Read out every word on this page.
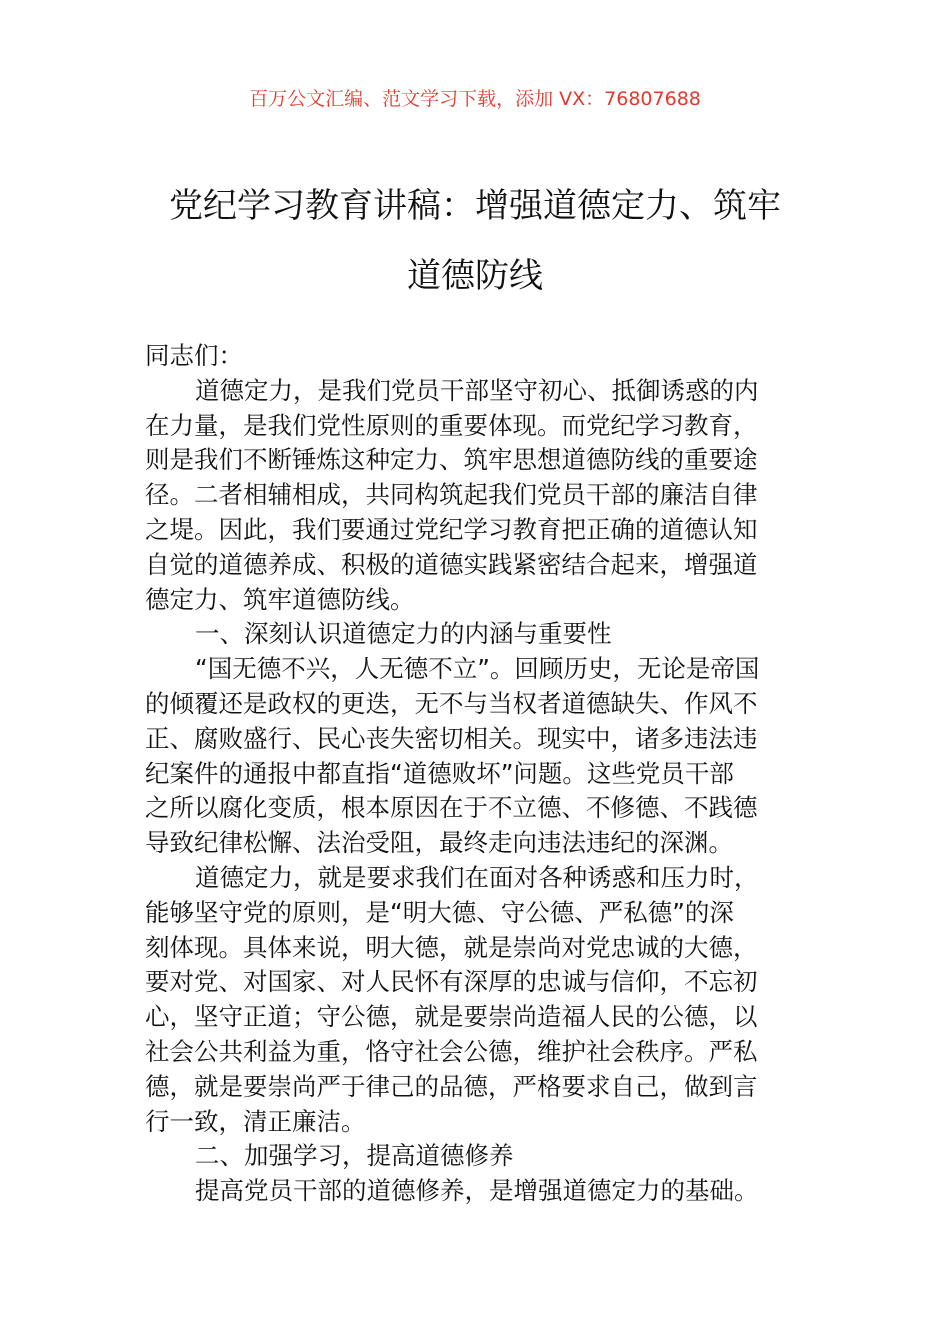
百万公文汇编、范文学习下载，添加 VX：76807688
党纪学习教育讲稿：增强道德定力、筑牢
道德防线
同志们：
道德定力，是我们党员干部坚守初心、抵御诱惑的内
在力量，是我们党性原则的重要体现。而党纪学习教育，
则是我们不断锤炼这种定力、筑牢思想道德防线的重要途
径。二者相辅相成，共同构筑起我们党员干部的廉洁自律
之堤。因此，我们要通过党纪学习教育把正确的道德认知
自觉的道德养成、积极的道德实践紧密结合起来，增强道
德定力、筑牢道德防线。
一、深刻认识道德定力的内涵与重要性
“国无德不兴，人无德不立”。回顾历史，无论是帝国
的倾覆还是政权的更迭，无不与当权者道德缺失、作风不
正、腐败盛行、民心丧失密切相关。现实中，诸多违法违
纪案件的通报中都直指“道德败坏”问题。这些党员干部
之所以腐化变质，根本原因在于不立德、不修德、不践德
导致纪律松懈、法治受阻，最终走向违法违纪的深渊。
道德定力，就是要求我们在面对各种诱惑和压力时，
能够坚守党的原则，是“明大德、守公德、严私德”的深
刻体现。具体来说，明大德，就是崇尚对党忠诚的大德，
要对党、对国家、对人民怀有深厚的忠诚与信仰，不忘初
心，坚守正道；守公德，就是要崇尚造福人民的公德，以
社会公共利益为重，恪守社会公德，维护社会秩序。严私
德，就是要崇尚严于律己的品德，严格要求自己，做到言
行一致，清正廉洁。
二、加强学习，提高道德修养
提高党员干部的道德修养，是增强道德定力的基础。
